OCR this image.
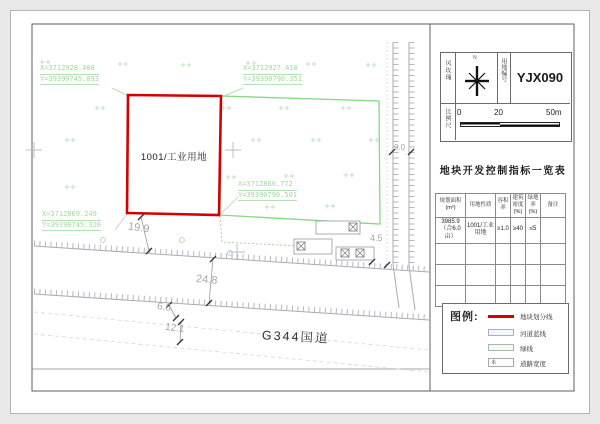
X=3712928.408
Y=39390745.893
X=3712927.410
Y=39390790.351
X=3712866.772
Y=39390790.501
X=3712869.249
Y=39390745.326
1001/工业用地
G344国道
19.9
24.8
6.6
12.1
9.0
4.5
风玫瑰
N	用地编号 YJX090
比例尺 0	20	50m
地块开发控制指标一览表
规划面积(m²)	用地性质	容积率	建筑密度(%)	绿地率(%)	备注
3985.9
（合6.0亩）	1001/工业用地	≥1.0	≥40	≤5	

图例:	地块划分线
河道蓝线
绿线
米	道路宽度
